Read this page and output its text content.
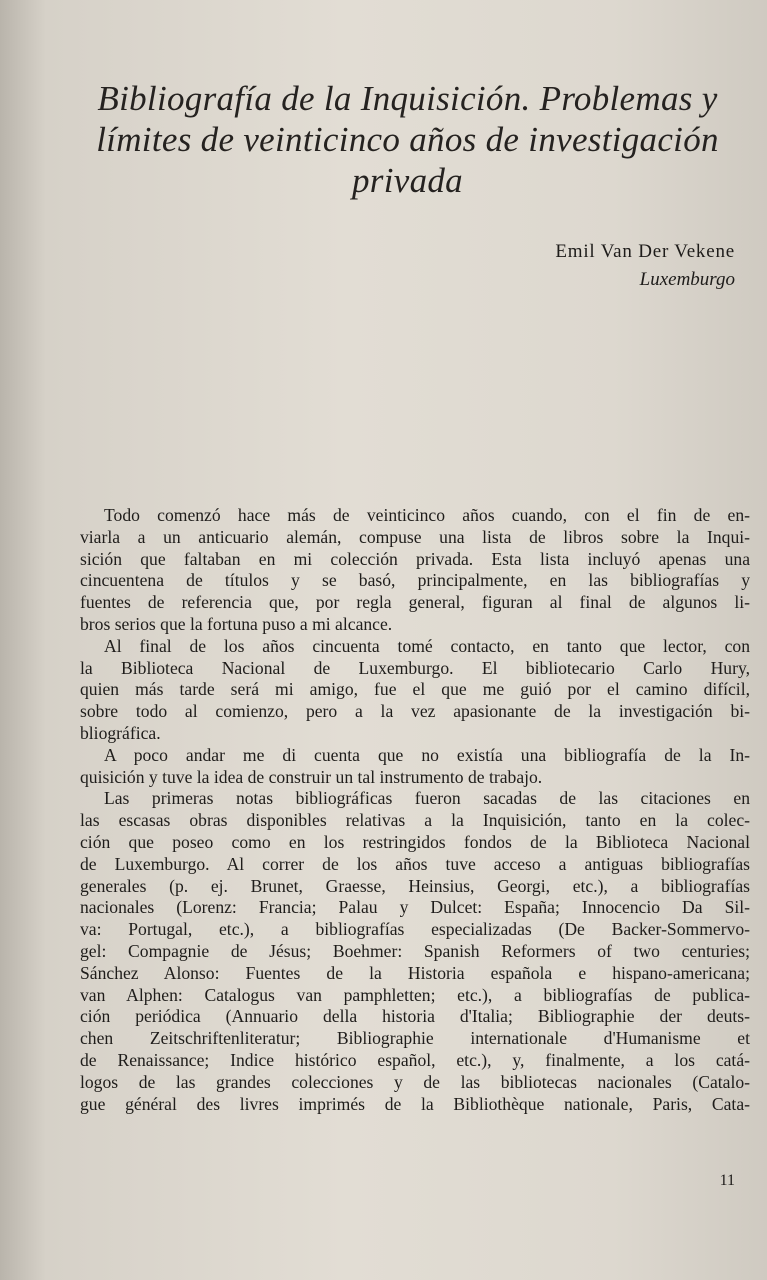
Bibliografía de la Inquisición. Problemas y
límites de veinticinco años de investigación
privada
Emil Van Der Vekene
Luxemburgo

Todo comenzó hace más de veinticinco años cuando, con el fin de en-
viarla a un anticuario alemán, compuse una lista de libros sobre la Inqui-
sición que faltaban en mi colección privada. Esta lista incluyó apenas una
cincuentena de títulos y se basó, principalmente, en las bibliografías y
fuentes de referencia que, por regla general, figuran al final de algunos li-
bros serios que la fortuna puso a mi alcance.

Al final de los años cincuenta tomé contacto, en tanto que lector, con
la Biblioteca Nacional de Luxemburgo. El bibliotecario Carlo Hury,
quien más tarde será mi amigo, fue el que me guió por el camino difícil,
sobre todo al comienzo, pero a la vez apasionante de la investigación bi-
bliográfica.

A poco andar me di cuenta que no existía una bibliografía de la In-
quisición y tuve la idea de construir un tal instrumento de trabajo.

Las primeras notas bibliográficas fueron sacadas de las citaciones en
las escasas obras disponibles relativas a la Inquisición, tanto en la colec-
ción que poseo como en los restringidos fondos de la Biblioteca Nacional
de Luxemburgo. Al correr de los años tuve acceso a antiguas bibliografías
generales (p. ej. Brunet, Graesse, Heinsius, Georgi, etc.), a bibliografías
nacionales (Lorenz: Francia; Palau y Dulcet: España; Innocencio Da Sil-
va: Portugal, etc.), a bibliografías especializadas (De Backer-Sommervo-
gel: Compagnie de Jésus; Boehmer: Spanish Reformers of two centuries;
Sánchez Alonso: Fuentes de la Historia española e hispano-americana;
van Alphen: Catalogus van pamphletten; etc.), a bibliografías de publica-
ción periódica (Annuario della historia d'Italia; Bibliographie der deuts-
chen Zeitschriftenliteratur; Bibliographie internationale d'Humanisme et
de Renaissance; Indice histórico español, etc.), y, finalmente, a los catá-
logos de las grandes colecciones y de las bibliotecas nacionales (Catalo-
gue général des livres imprimés de la Bibliothèque nationale, Paris, Cata-

11
